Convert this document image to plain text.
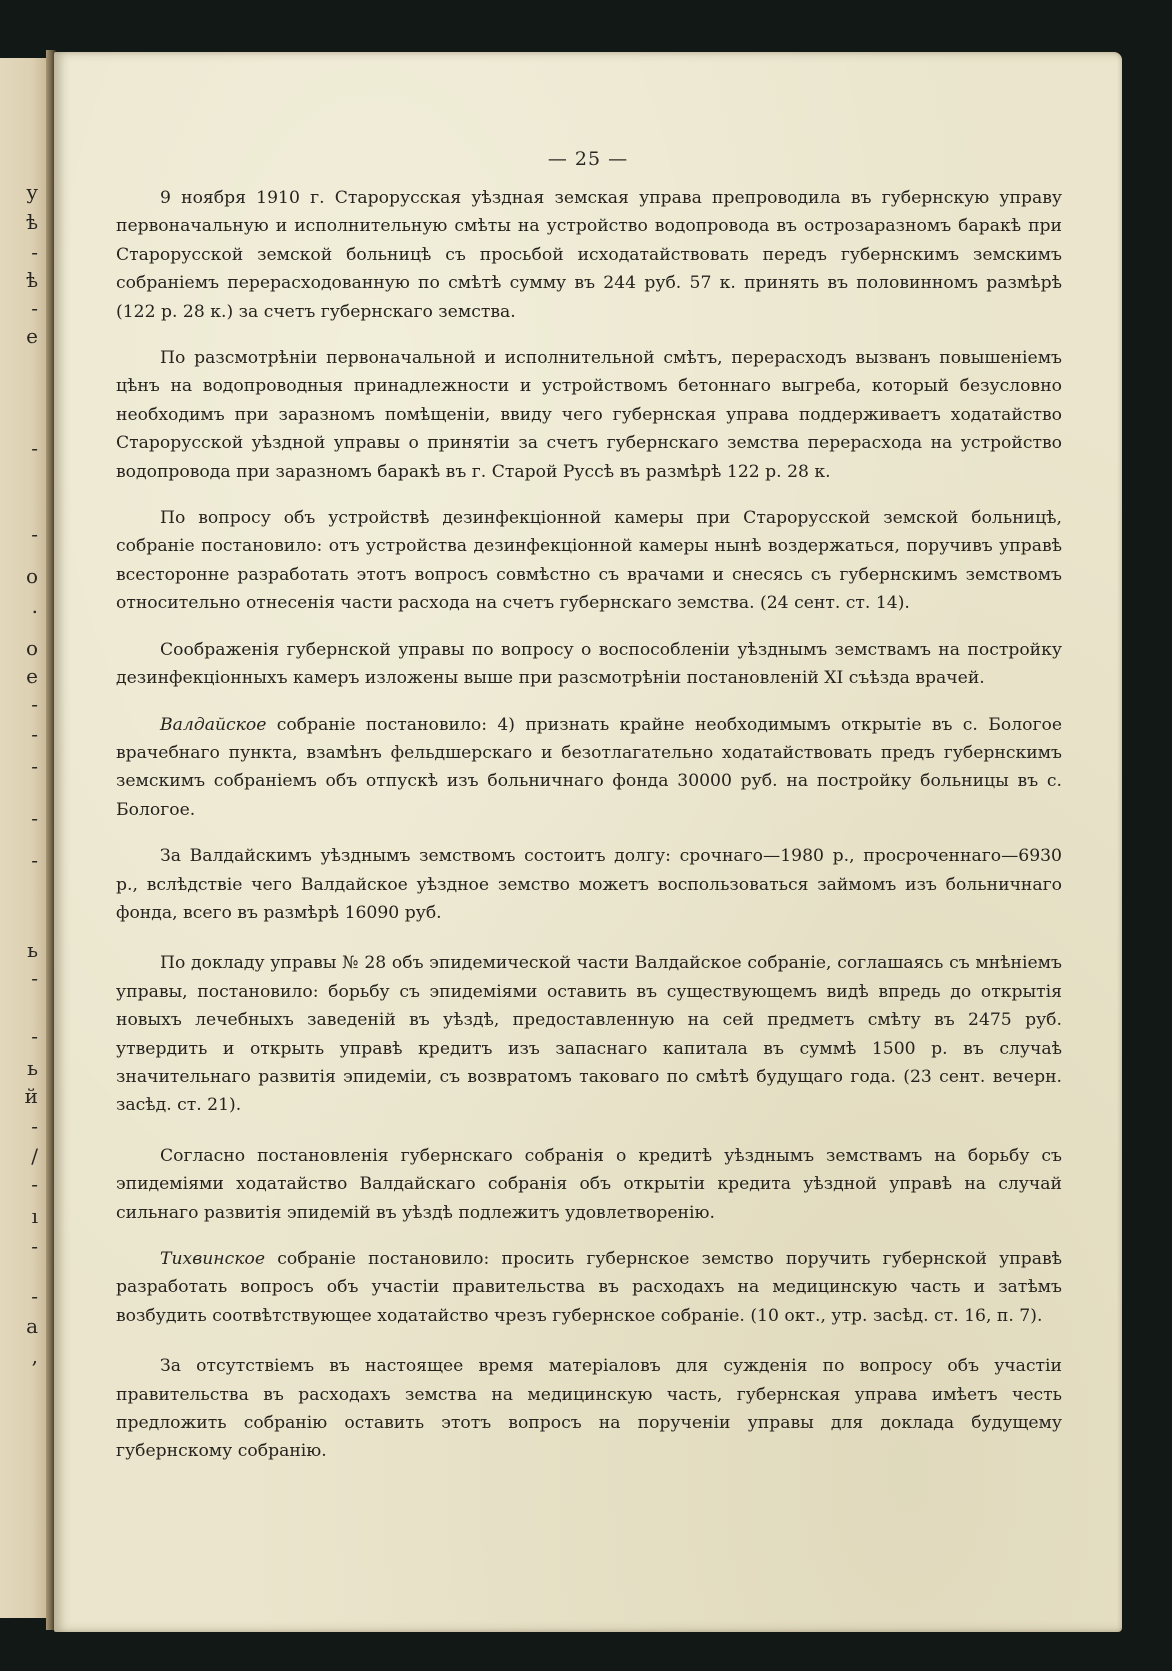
у
ѣ
-
ѣ
-
е
-
-
о
.
о
е
-
-
-
-
-
ь
-
-
ь
й
-
/
-
ı
-
-
а
,
— 25 —

9 ноября 1910 г. Старорусская уѣздная земская управа препроводила въ губернскую управу первоначальную и исполнительную смѣты на устройство водопровода въ острозаразномъ баракѣ при Старорусской земской больницѣ съ просьбой исходатайствовать передъ губернскимъ земскимъ собраніемъ перерасходованную по смѣтѣ сумму въ 244 руб. 57 к. принять въ половинномъ размѣрѣ (122 р. 28 к.) за счетъ губернскаго земства.

По разсмотрѣніи первоначальной и исполнительной смѣтъ, перерасходъ вызванъ повышеніемъ цѣнъ на водопроводныя принадлежности и устройствомъ бетоннаго выгреба, который безусловно необходимъ при заразномъ помѣщеніи, ввиду чего губернская управа поддерживаетъ ходатайство Старорусской уѣздной управы о принятіи за счетъ губернскаго земства перерасхода на устройство водопровода при заразномъ баракѣ въ г. Старой Руссѣ въ размѣрѣ 122 р. 28 к.

По вопросу объ устройствѣ дезинфекціонной камеры при Старорусской земской больницѣ, собраніе постановило: отъ устройства дезинфекціонной камеры нынѣ воздержаться, поручивъ управѣ всесторонне разработать этотъ вопросъ совмѣстно съ врачами и снесясь съ губернскимъ земствомъ относительно отнесенія части расхода на счетъ губернскаго земства. (24 сент. ст. 14).

Соображенія губернской управы по вопросу о воспособленіи уѣзднымъ земствамъ на постройку дезинфекціонныхъ камеръ изложены выше при разсмотрѣніи постановленій XI съѣзда врачей.

Валдайское собраніе постановило: 4) признать крайне необходимымъ открытіе въ с. Бологое врачебнаго пункта, взамѣнъ фельдшерскаго и безотлагательно ходатайствовать предъ губернскимъ земскимъ собраніемъ объ отпускѣ изъ больничнаго фонда 30000 руб. на постройку больницы въ с. Бологое.

За Валдайскимъ уѣзднымъ земствомъ состоитъ долгу: срочнаго—1980 р., просроченнаго—6930 р., вслѣдствіе чего Валдайское уѣздное земство можетъ воспользоваться займомъ изъ больничнаго фонда, всего въ размѣрѣ 16090 руб.

По докладу управы № 28 объ эпидемической части Валдайское собраніе, соглашаясь съ мнѣніемъ управы, постановило: борьбу съ эпидеміями оставить въ существующемъ видѣ впредь до открытія новыхъ лечебныхъ заведеній въ уѣздѣ, предоставленную на сей предметъ смѣту въ 2475 руб. утвердить и открыть управѣ кредитъ изъ запаснаго капитала въ суммѣ 1500 р. въ случаѣ значительнаго развитія эпидеміи, съ возвратомъ таковаго по смѣтѣ будущаго года. (23 сент. вечерн. засѣд. ст. 21).

Согласно постановленія губернскаго собранія о кредитѣ уѣзднымъ земствамъ на борьбу съ эпидеміями ходатайство Валдайскаго собранія объ открытіи кредита уѣздной управѣ на случай сильнаго развитія эпидемій въ уѣздѣ подлежитъ удовлетворенію.

Тихвинское собраніе постановило: просить губернское земство поручить губернской управѣ разработать вопросъ объ участіи правительства въ расходахъ на медицинскую часть и затѣмъ возбудить соотвѣтствующее ходатайство чрезъ губернское собраніе. (10 окт., утр. засѣд. ст. 16, п. 7).

За отсутствіемъ въ настоящее время матеріаловъ для сужденія по вопросу объ участіи правительства въ расходахъ земства на медицинскую часть, губернская управа имѣетъ честь предложить собранію оставить этотъ вопросъ на порученіи управы для доклада будущему губернскому собранію.
